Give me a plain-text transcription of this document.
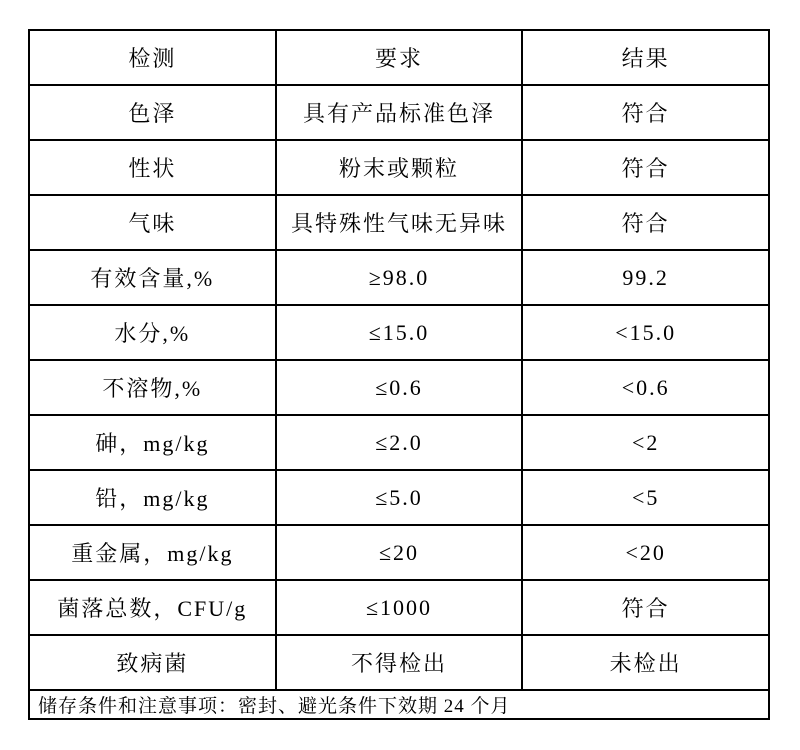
检测	要求	结果
色泽	具有产品标准色泽	符合
性状	粉末或颗粒	符合
气味	具特殊性气味无异味	符合
有效含量,%	≥98.0	99.2
水分,%	≤15.0	<15.0
不溶物,%	≤0.6	<0.6
砷，mg/kg	≤2.0	<2
铅，mg/kg	≤5.0	<5
重金属，mg/kg	≤20	<20
菌落总数，CFU/g	≤1000	符合
致病菌	不得检出	未检出
储存条件和注意事项：密封、避光条件下效期 24 个月
